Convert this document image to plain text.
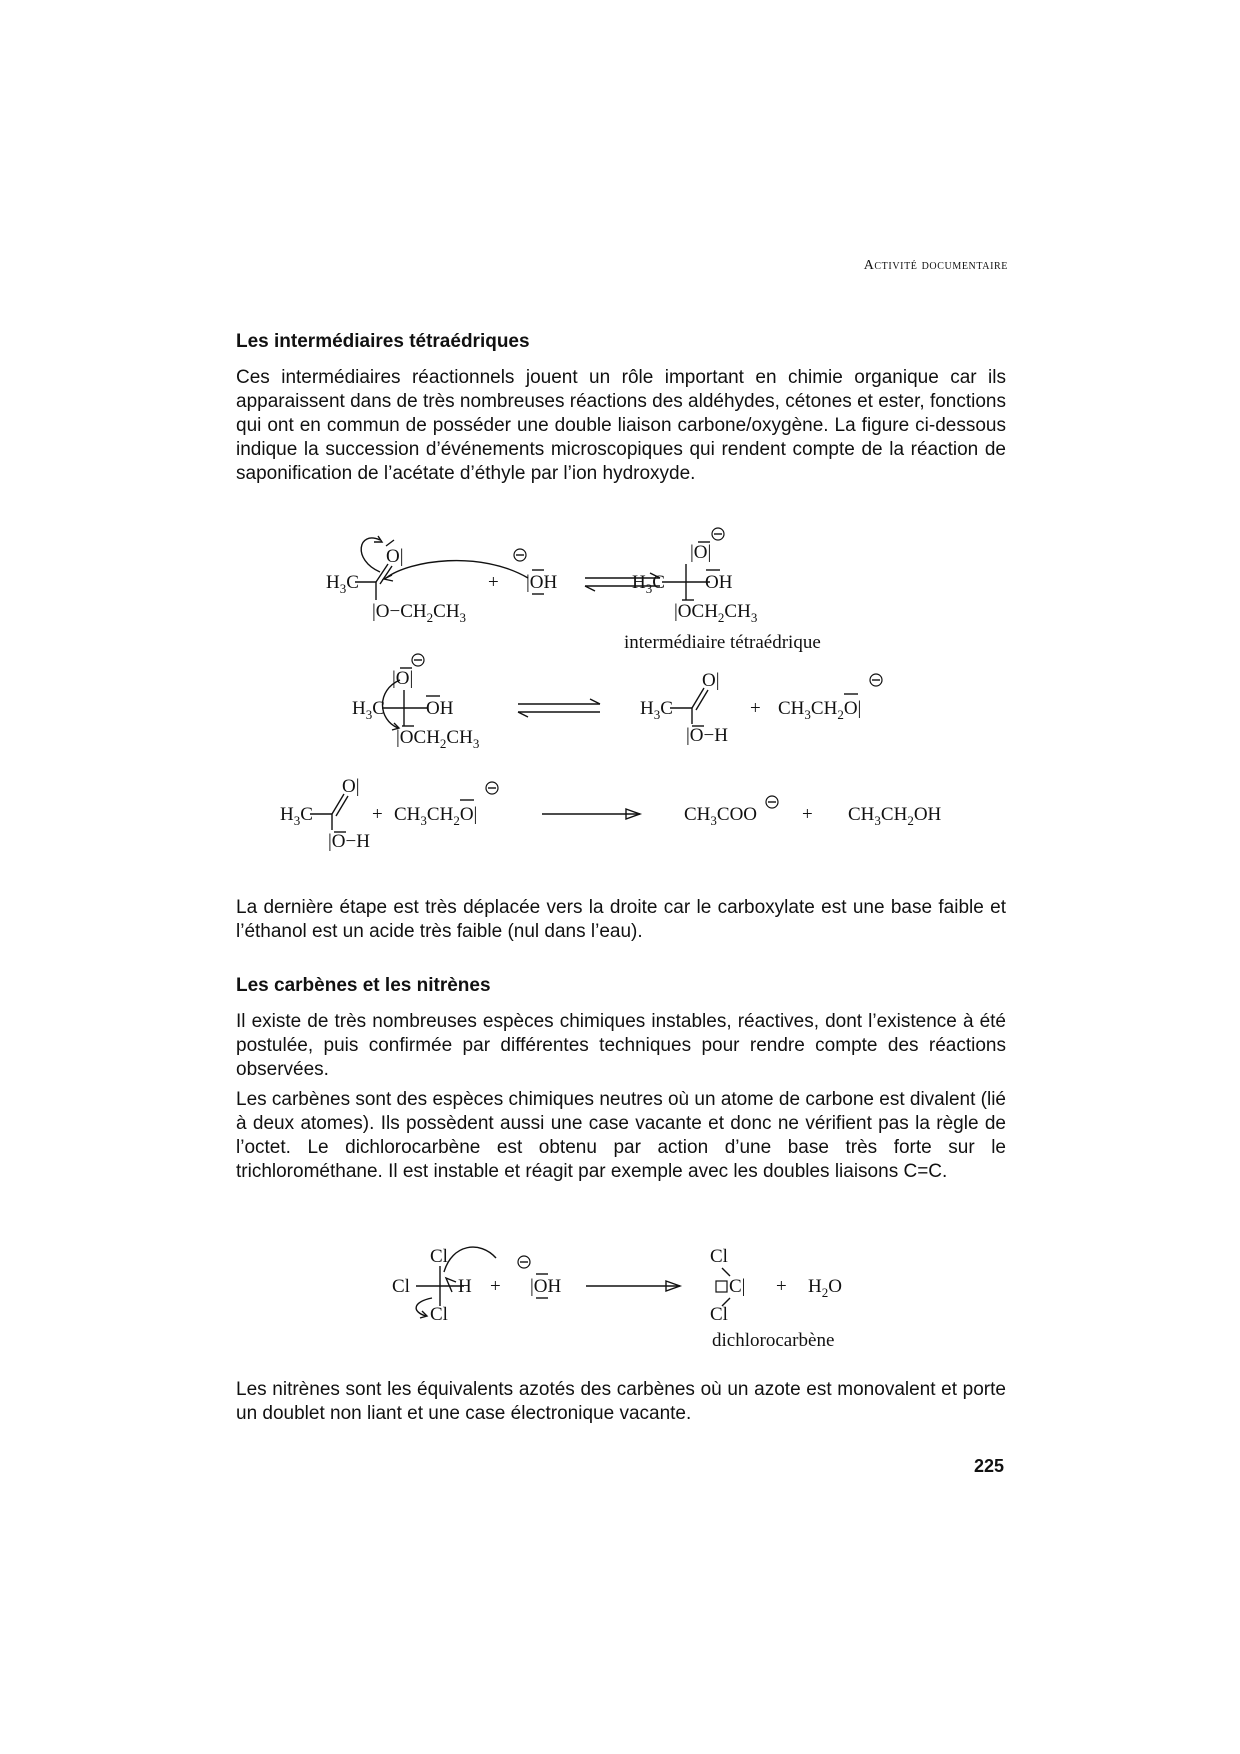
Activité documentaire
Les intermédiaires tétraédriques
Ces intermédiaires réactionnels jouent un rôle important en chimie organique car ils apparaissent dans de très nombreuses réactions des aldéhydes, cétones et ester, fonctions qui ont en commun de posséder une double liaison carbone/oxygène. La figure ci-dessous indique la succession d’événements microscopiques qui rendent compte de la réaction de saponification de l’acétate d’éthyle par l’ion hydroxyde.
$H_3C$
O|
$|O-CH_2CH_3$
+ |OH
|O|
$H_3C$ OH
$|OCH_2CH_3$
intermédiaire tétraédrique
|O|
$H_3C$ OH
$|OCH_2CH_3$
$H_3C$
O|
|O−H
+ $CH_3CH_2O|$
$H_3C$
O|
|O−H
+ $CH_3CH_2O|$	$CH_3COO + CH_3CH_2OH$
La dernière étape est très déplacée vers la droite car le carboxylate est une base faible et l’éthanol est un acide très faible (nul dans l’eau).
Les carbènes et les nitrènes
Il existe de très nombreuses espèces chimiques instables, réactives, dont l’existence à été postulée, puis confirmée par différentes techniques pour rendre compte des réactions observées.
Les carbènes sont des espèces chimiques neutres où un atome de carbone est divalent (lié à deux atomes). Ils possèdent aussi une case vacante et donc ne vérifient pas la règle de l’octet. Le dichlorocarbène est obtenu par action d’une base très forte sur le trichlorométhane. Il est instable et réagit par exemple avec les doubles liaisons C=C.
Cl
Cl	H
Cl
+ |OH
Cl
C|
Cl
dichlorocarbène
+ $H_2O$
Les nitrènes sont les équivalents azotés des carbènes où un azote est monovalent et porte un doublet non liant et une case électronique vacante.
225
